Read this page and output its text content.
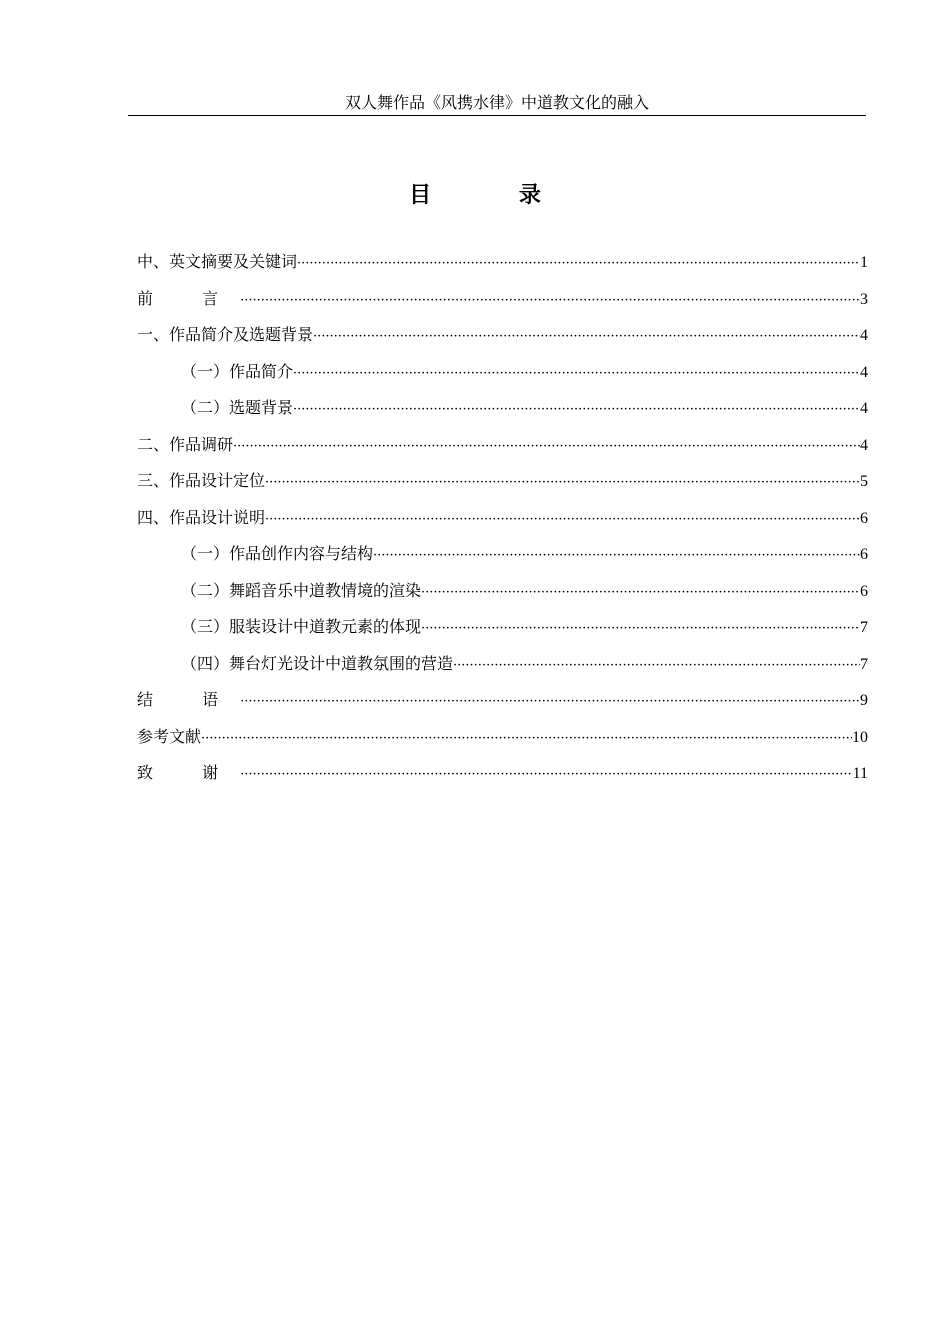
双人舞作品《风携水律》中道教文化的融入
目 录
中、英文摘要及关键词 ·····	1
前 言 ·····	3
一、作品简介及选题背景 ·····	4
（一）作品简介 ·····	4
（二）选题背景 ·····	4
二、作品调研 ·····	4
三、作品设计定位 ·····	5
四、作品设计说明 ·····	6
（一）作品创作内容与结构 ·····	6
（二）舞蹈音乐中道教情境的渲染 ·····	6
（三）服装设计中道教元素的体现 ·····	7
（四）舞台灯光设计中道教氛围的营造 ·····	7
结 语 ·····	9
参考文献 ·····	10
致 谢 ·····	11
